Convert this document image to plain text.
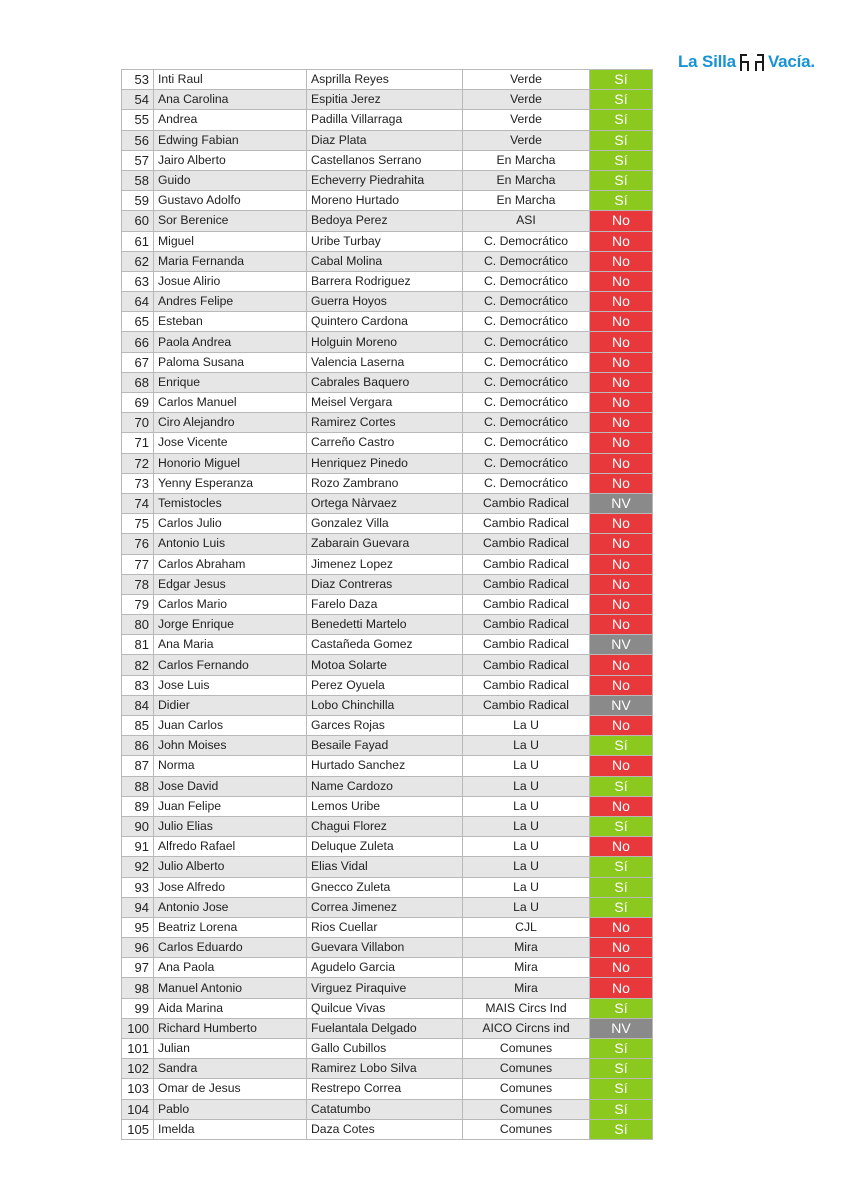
La Silla Vacía.
53	Inti Raul	Asprilla Reyes	Verde	Sí
54	Ana Carolina	Espitia Jerez	Verde	Sí
55	Andrea	Padilla Villarraga	Verde	Sí
56	Edwing Fabian	Diaz Plata	Verde	Sí
57	Jairo Alberto	Castellanos Serrano	En Marcha	Sí
58	Guido	Echeverry Piedrahita	En Marcha	Sí
59	Gustavo Adolfo	Moreno Hurtado	En Marcha	Sí
60	Sor Berenice	Bedoya Perez	ASI	No
61	Miguel	Uribe Turbay	C. Democrático	No
62	Maria Fernanda	Cabal Molina	C. Democrático	No
63	Josue Alirio	Barrera Rodriguez	C. Democrático	No
64	Andres Felipe	Guerra Hoyos	C. Democrático	No
65	Esteban	Quintero Cardona	C. Democrático	No
66	Paola Andrea	Holguin Moreno	C. Democrático	No
67	Paloma Susana	Valencia Laserna	C. Democrático	No
68	Enrique	Cabrales Baquero	C. Democrático	No
69	Carlos Manuel	Meisel Vergara	C. Democrático	No
70	Ciro Alejandro	Ramirez Cortes	C. Democrático	No
71	Jose Vicente	Carreño Castro	C. Democrático	No
72	Honorio Miguel	Henriquez Pinedo	C. Democrático	No
73	Yenny Esperanza	Rozo Zambrano	C. Democrático	No
74	Temistocles	Ortega Nàrvaez	Cambio Radical	NV
75	Carlos Julio	Gonzalez Villa	Cambio Radical	No
76	Antonio Luis	Zabarain Guevara	Cambio Radical	No
77	Carlos Abraham	Jimenez Lopez	Cambio Radical	No
78	Edgar Jesus	Diaz Contreras	Cambio Radical	No
79	Carlos Mario	Farelo Daza	Cambio Radical	No
80	Jorge Enrique	Benedetti Martelo	Cambio Radical	No
81	Ana Maria	Castañeda Gomez	Cambio Radical	NV
82	Carlos Fernando	Motoa Solarte	Cambio Radical	No
83	Jose Luis	Perez Oyuela	Cambio Radical	No
84	Didier	Lobo Chinchilla	Cambio Radical	NV
85	Juan Carlos	Garces Rojas	La U	No
86	John Moises	Besaile Fayad	La U	Sí
87	Norma	Hurtado Sanchez	La U	No
88	Jose David	Name Cardozo	La U	Sí
89	Juan Felipe	Lemos Uribe	La U	No
90	Julio Elias	Chagui Florez	La U	Sí
91	Alfredo Rafael	Deluque Zuleta	La U	No
92	Julio Alberto	Elias Vidal	La U	Sí
93	Jose Alfredo	Gnecco Zuleta	La U	Sí
94	Antonio Jose	Correa Jimenez	La U	Sí
95	Beatriz Lorena	Rios Cuellar	CJL	No
96	Carlos Eduardo	Guevara Villabon	Mira	No
97	Ana Paola	Agudelo Garcia	Mira	No
98	Manuel Antonio	Virguez Piraquive	Mira	No
99	Aida Marina	Quilcue Vivas	MAIS Circs Ind	Sí
100	Richard Humberto	Fuelantala Delgado	AICO Circns ind	NV
101	Julian	Gallo Cubillos	Comunes	Sí
102	Sandra	Ramirez Lobo Silva	Comunes	Sí
103	Omar de Jesus	Restrepo Correa	Comunes	Sí
104	Pablo	Catatumbo	Comunes	Sí
105	Imelda	Daza Cotes	Comunes	Sí
